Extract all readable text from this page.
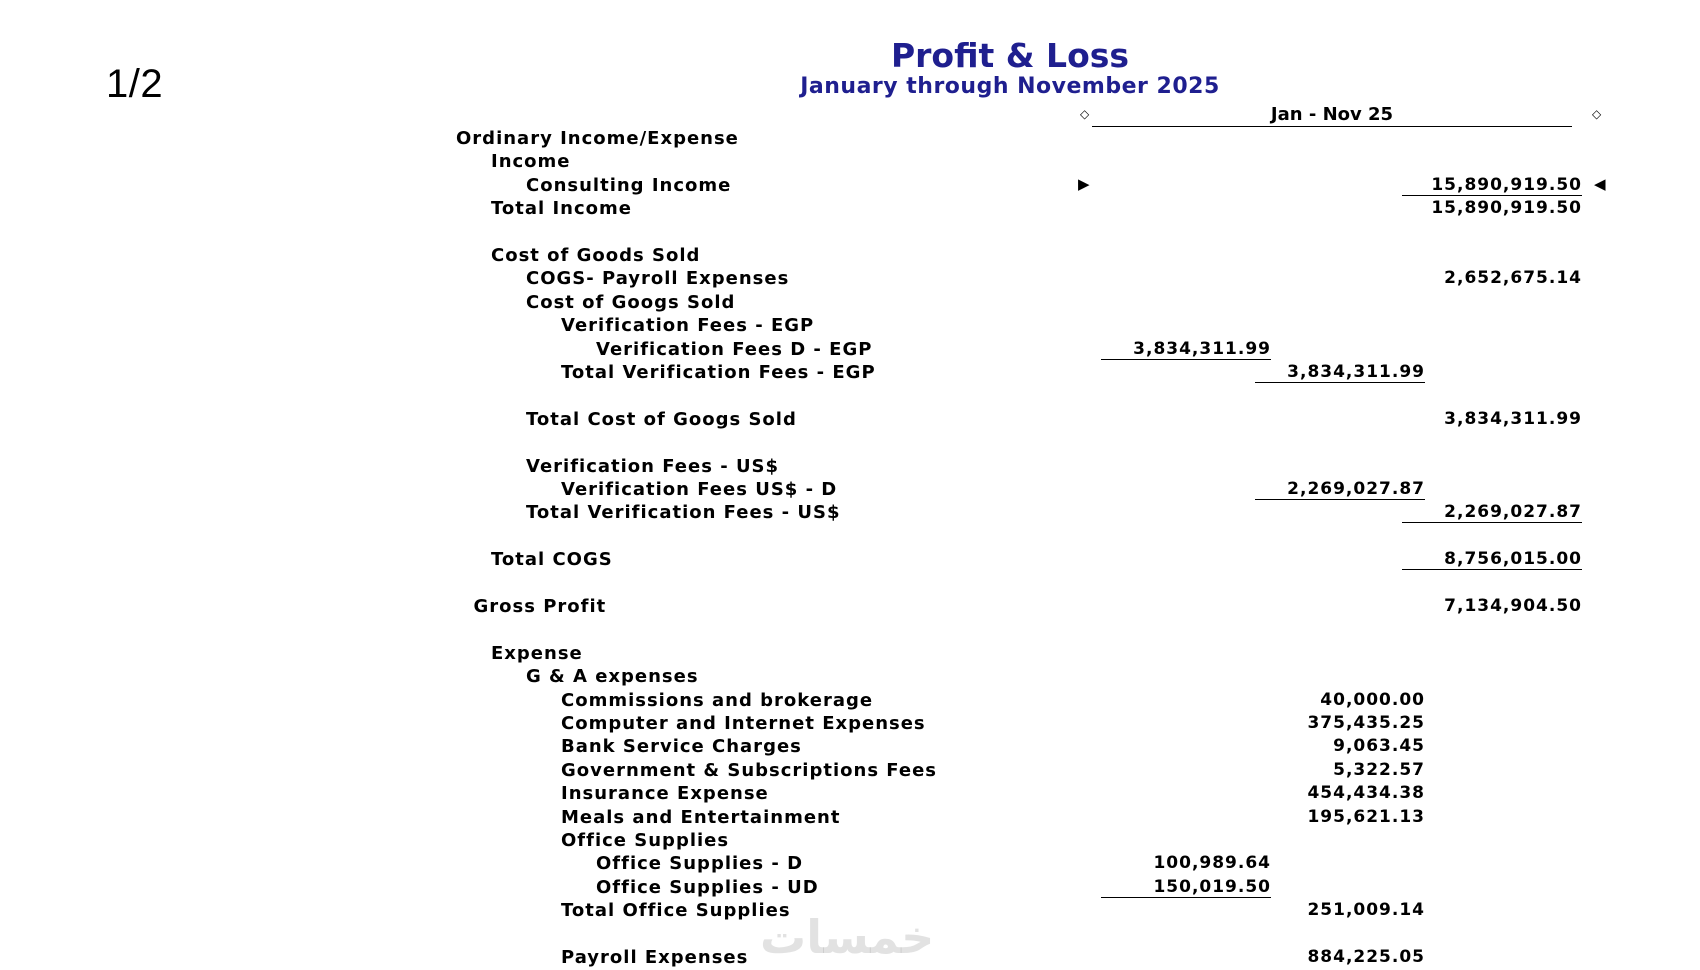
1/2
Profit & Loss
January through November 2025
◇	Jan - Nov 25	◇
Ordinary Income/Expense
Income
Consulting Income	15,890,919.50
▶	◀
Total Income	15,890,919.50
Cost of Goods Sold
COGS- Payroll Expenses	2,652,675.14
Cost of Googs Sold
Verification Fees - EGP
Verification Fees D - EGP	3,834,311.99
Total Verification Fees - EGP	3,834,311.99
Total Cost of Googs Sold	3,834,311.99
Verification Fees - US$
Verification Fees US$ - D	2,269,027.87
Total Verification Fees - US$	2,269,027.87
Total COGS	8,756,015.00
Gross Profit	7,134,904.50
Expense
G & A expenses
Commissions and brokerage	40,000.00
Computer and Internet Expenses	375,435.25
Bank Service Charges	9,063.45
Government & Subscriptions Fees	5,322.57
Insurance Expense	454,434.38
Meals and Entertainment	195,621.13
Office Supplies
Office Supplies - D	100,989.64
Office Supplies - UD	150,019.50
Total Office Supplies	251,009.14
Payroll Expenses	884,225.05
خمسات
